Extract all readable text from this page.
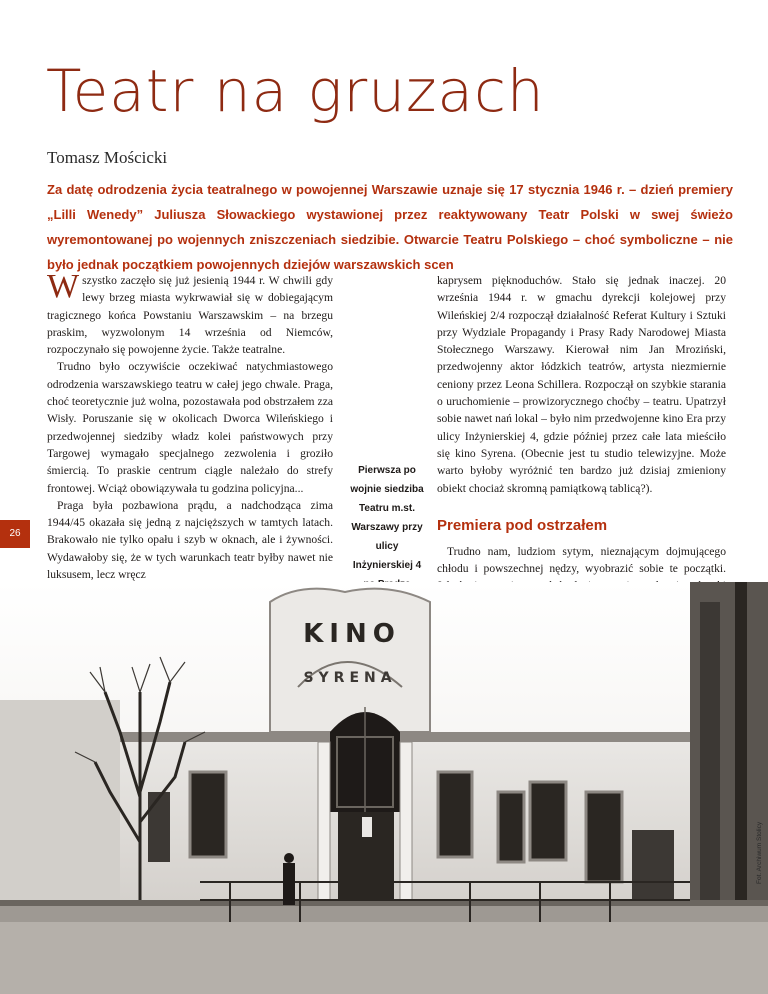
Teatr na gruzach
Tomasz Mościcki

Za datę odrodzenia życia teatralnego w powojennej Warszawie uznaje się 17 stycznia 1946 r. – dzień premiery „Lilli Wenedy” Juliusza Słowackiego wystawionej przez reaktywowany Teatr Polski w swej świeżo wyremontowanej po wojennych zniszczeniach siedzibie. Otwarcie Teatru Polskiego – choć symboliczne – nie było jednak początkiem powojennych dziejów warszawskich scen

Wszystko zaczęło się już jesienią 1944 r. W chwili gdy lewy brzeg miasta wykrwawiał się w dobiegającym tragicznego końca Powstaniu Warszawskim – na brzegu praskim, wyzwolonym 14 września od Niemców, rozpoczynało się powojenne życie. Także teatralne.

Trudno było oczywiście oczekiwać natychmiastowego odrodzenia warszawskiego teatru w całej jego chwale. Praga, choć teoretycznie już wolna, pozostawała pod obstrzałem zza Wisły. Poruszanie się w okolicach Dworca Wileńskiego i przedwojennej siedziby władz kolei państwowych przy Targowej wymagało specjalnego zezwolenia i groziło śmiercią. To praskie centrum ciągle należało do strefy frontowej. Wciąż obowiązywała tu godzina policyjna...

Praga była pozbawiona prądu, a nadchodząca zima 1944/45 okazała się jedną z najcięższych w tamtych latach. Brakowało nie tylko opału i szyb w oknach, ale i żywności. Wydawałoby się, że w tych warunkach teatr byłby nawet nie luksusem, lecz wręcz

Pierwsza po wojnie siedziba Teatru m.st. Warszawy przy ulicy Inżynierskiej 4

kaprysem pięknoduchów. Stało się jednak inaczej. 20 września 1944 r. w gmachu dyrekcji kolejowej przy Wileńskiej 2/4 rozpoczął działalność Referat Kultury i Sztuki przy Wydziale Propagandy i Prasy Rady Narodowej Miasta Stołecznego Warszawy. Kierował nim Jan Mroziński, przedwojenny aktor łódzkich teatrów, artysta niezmiernie ceniony przez Leona Schillera. Rozpoczął on szybkie starania o uruchomienie – prowizorycznego choćby – teatru. Upatrzył sobie nawet nań lokal – było nim przedwojenne kino Era przy ulicy Inżynierskiej 4, gdzie później przez całe lata mieściło się kino Syrena. (Obecnie jest tu studio telewizyjne. Może warto byłoby wyróżnić ten bardzo już dzisiaj zmieniony obiekt chociaż skromną pamiątkową tablicą?).

Premiera pod ostrzałem

Trudno nam, ludziom sytym, nieznającym dojmującego chłodu i powszechnej nędzy, wyobrazić sobie te początki.

26
KINO
SYRENA
Fot. Archiwum Stolicy
